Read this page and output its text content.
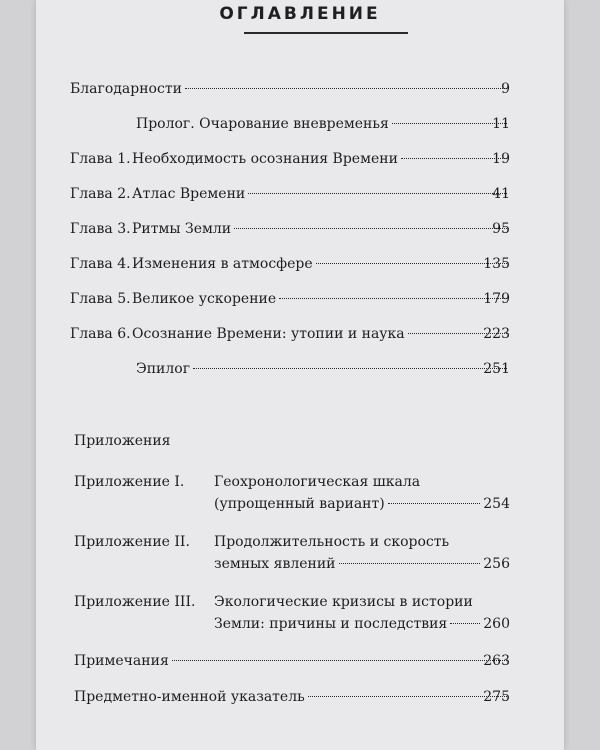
ОГЛАВЛЕНИЕ
Благодарности	9
Пролог. Очарование вневременья	11
Глава 1. Необходимость осознания Времени	19
Глава 2. Атлас Времени	41
Глава 3. Ритмы Земли	95
Глава 4. Изменения в атмосфере	135
Глава 5. Великое ускорение	179
Глава 6. Осознание Времени: утопии и наука	223
Эпилог	251
Приложения
Приложение I. Геохронологическая шкала
(упрощенный вариант)	254
Приложение II. Продолжительность и скорость
земных явлений	256
Приложение III. Экологические кризисы в истории
Земли: причины и последствия	260
Примечания	263
Предметно-именной указатель	275
